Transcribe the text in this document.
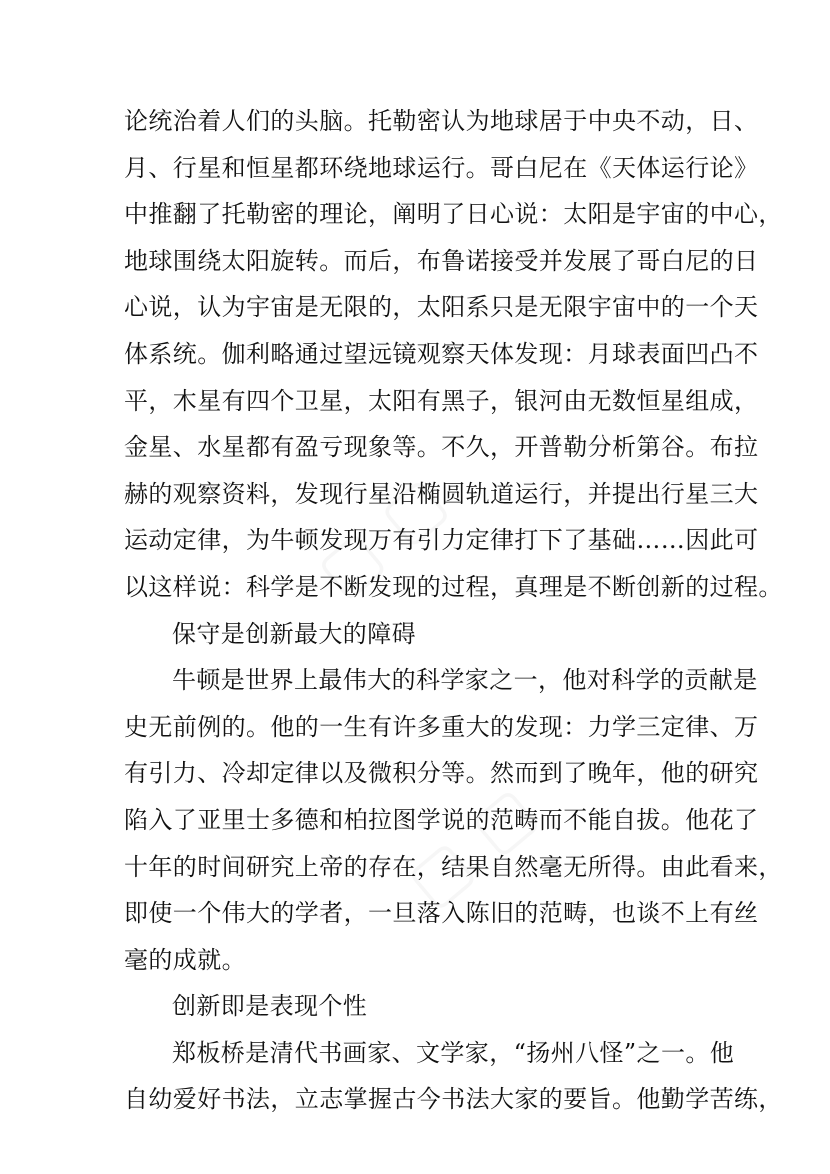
论统治着人们的头脑。托勒密认为地球居于中央不动，日、
月、行星和恒星都环绕地球运行。哥白尼在《天体运行论》
中推翻了托勒密的理论，阐明了日心说：太阳是宇宙的中心，
地球围绕太阳旋转。而后，布鲁诺接受并发展了哥白尼的日
心说，认为宇宙是无限的，太阳系只是无限宇宙中的一个天
体系统。伽利略通过望远镜观察天体发现：月球表面凹凸不
平，木星有四个卫星，太阳有黑子，银河由无数恒星组成，
金星、水星都有盈亏现象等。不久，开普勒分析第谷。布拉
赫的观察资料，发现行星沿椭圆轨道运行，并提出行星三大
运动定律，为牛顿发现万有引力定律打下了基础……因此可
以这样说：科学是不断发现的过程，真理是不断创新的过程。
保守是创新最大的障碍
牛顿是世界上最伟大的科学家之一，他对科学的贡献是
史无前例的。他的一生有许多重大的发现：力学三定律、万
有引力、冷却定律以及微积分等。然而到了晚年，他的研究
陷入了亚里士多德和柏拉图学说的范畴而不能自拔。他花了
十年的时间研究上帝的存在，结果自然毫无所得。由此看来，
即使一个伟大的学者，一旦落入陈旧的范畴，也谈不上有丝
毫的成就。
创新即是表现个性
郑板桥是清代书画家、文学家，“扬州八怪”之一。他
自幼爱好书法，立志掌握古今书法大家的要旨。他勤学苦练，
